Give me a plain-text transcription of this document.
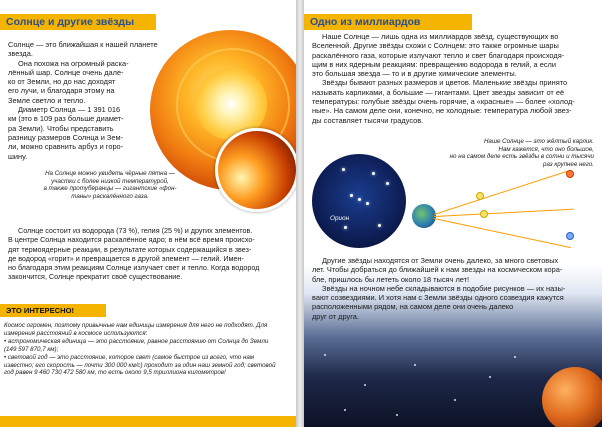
Солнце и другие звёзды

Солнце — это ближайшая к нашей планете звезда.

Она похожа на огромный раска-

лённый шар. Солнце очень дале-

ко от Земли, но до нас доходят

его лучи, и благодаря этому на

Земле светло и тепло.

Диаметр Солнца — 1 391 016

км (это в 109 раз больше диамет-

ра Земли). Чтобы представить

разницу размеров Солнца и Зем-

ли, можно сравнить арбуз и горо-

шину.

На Солнце можно увидеть чёрные пятна —

участки с более низкой температурой,

а также протуберанцы — гигантские «фон-

таны» раскалённого газа.

Солнце состоит из водорода (73 %), гелия (25 %) и других элементов.

В центре Солнца находится раскалённое ядро; в нём всё время происхо-

дят термоядерные реакции, в результате которых содержащийся в звез-

де водород «горит» и превращается в другой элемент — гелий. Имен-

но благодаря этим реакциям Солнце излучает свет и тепло. Когда водород

закончится, Солнце прекратит своё существование.

ЭТО ИНТЕРЕСНО!

Космос огромен, поэтому привычные нам единицы измерения для него не подходят. Для

измерения расстояний в космосе используются:

• астрономическая единица — это расстояние, равное расстоянию от Солнца до Земли

(149 597 870,7 км);

• световой год — это расстояние, которое свет (самое быстрое из всего, что нам

известно; его скорость — почти 300 000 км/с) проходит за один наш земной год; световой

год равен 9 460 730 472 580 км, то есть около 9,5 триллиона километров!

Одно из миллиардов

Наше Солнце — лишь одна из миллиардов звёзд, существующих во

Вселенной. Другие звёзды схожи с Солнцем: это также огромные шары

раскалённого газа, которые излучают тепло и свет благодаря происходя-

щим в них ядерным реакциям: превращению водорода в гелий, а если

это большая звезда — то и в другие химические элементы.

Звёзды бывают разных размеров и цветов. Маленькие звёзды принято

называть карликами, а большие — гигантами. Цвет звезды зависит от её

температуры: голубые звёзды очень горячие, а «красные» — более «холод-

ные». На самом деле они, конечно, не холодные: температура любой звез-

ды составляет тысячи градусов.

Наше Солнце — это жёлтый карлик.

Нам кажется, что оно большое,

но на самом деле есть звёзды в сотни и тысячи

раз крупнее него.

Орион

Другие звёзды находятся от Земли очень далеко, за много световых

лет. Чтобы добраться до ближайшей к нам звезды на космическом кора-

бле, пришлось бы лететь около 18 тысяч лет!

Звёзды на ночном небе складываются в подобие рисунков — их назы-

вают созвездиями. И хотя нам с Земли звёзды одного созвездия кажутся

расположенными рядом, на самом деле они очень далеко

друг от друга.
